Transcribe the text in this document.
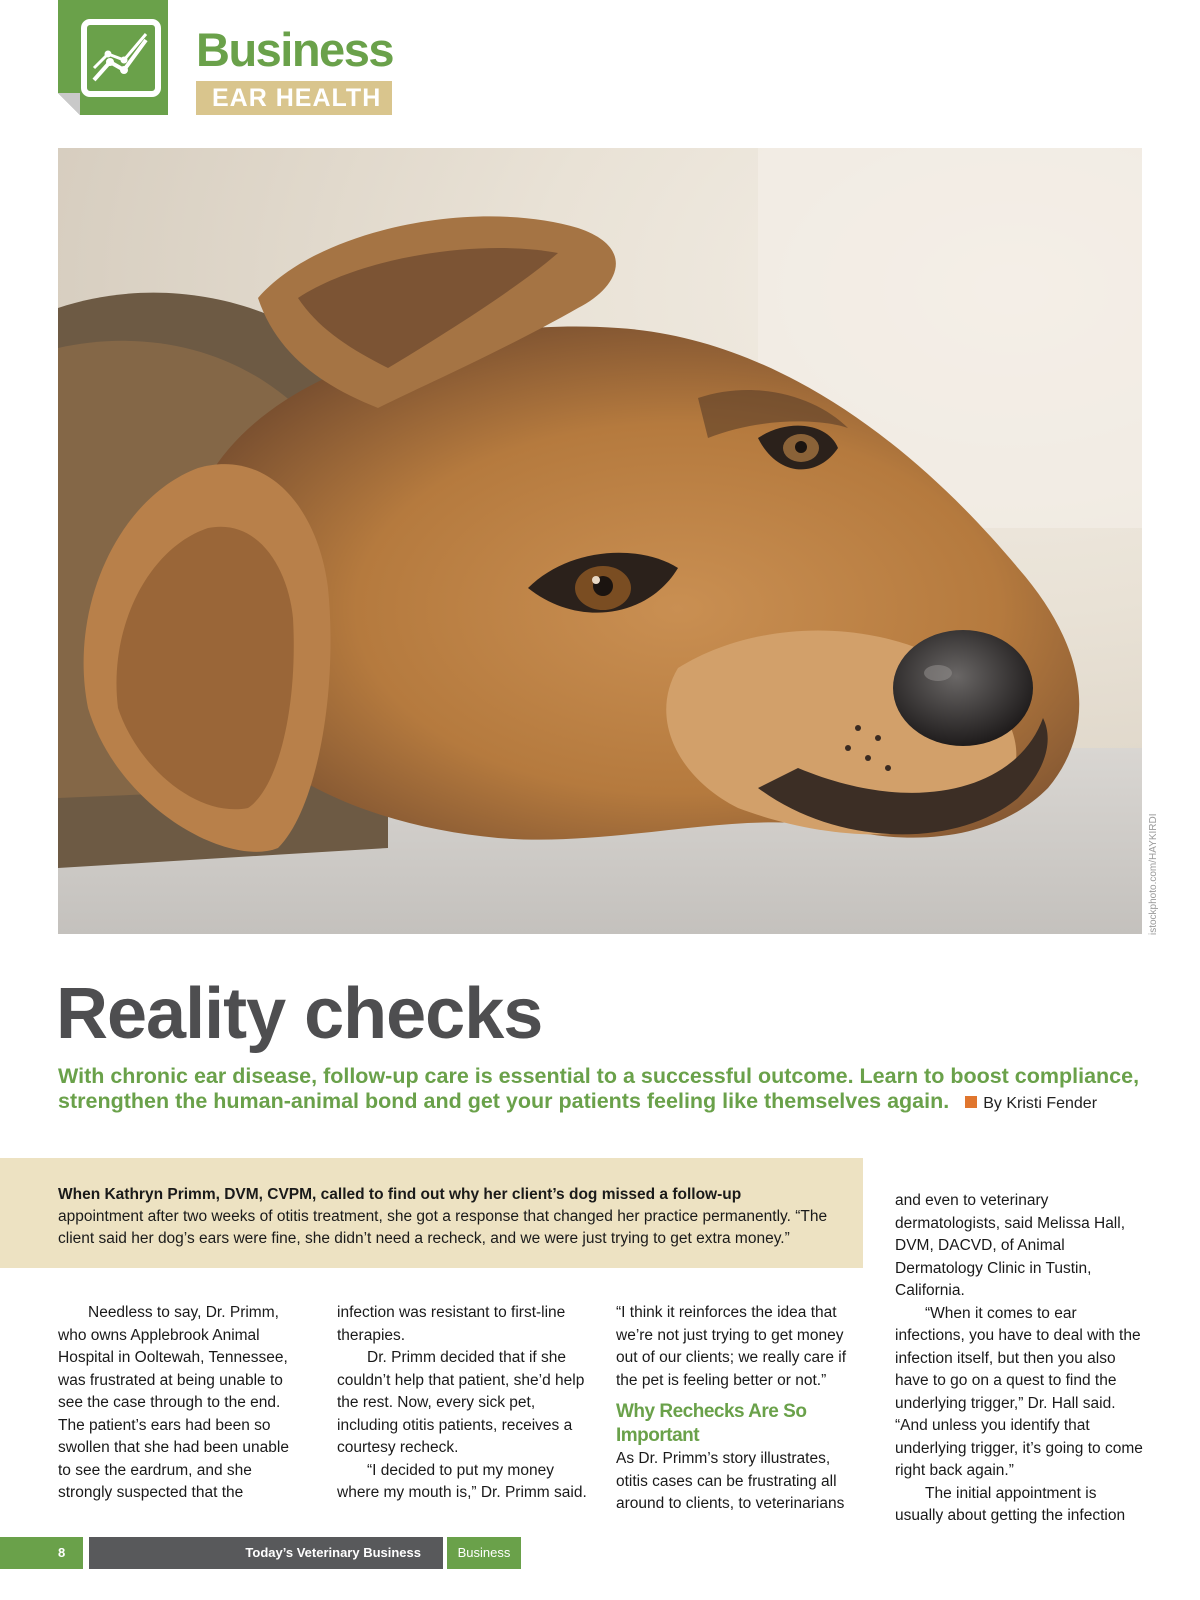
Business
EAR HEALTH
istockphoto.com/HAYKIRDI
Reality checks

With chronic ear disease, follow-up care is essential to a successful outcome. Learn to boost compliance, strengthen the human-animal bond and get your patients feeling like themselves again. By Kristi Fender

When Kathryn Primm, DVM, CVPM, called to find out why her client’s dog missed a follow-up
appointment after two weeks of otitis treatment, she got a response that changed her practice permanently. “The client said her dog’s ears were fine, she didn’t need a recheck, and we were just trying to get extra money.”

Needless to say, Dr. Primm, who owns Applebrook Animal Hospital in Ooltewah, Tennessee, was frustrated at being unable to see the case through to the end. The patient’s ears had been so swollen that she had been unable to see the eardrum, and she strongly suspected that the

infection was resistant to first-line therapies.

Dr. Primm decided that if she couldn’t help that patient, she’d help the rest. Now, every sick pet, including otitis patients, receives a courtesy recheck.

“I decided to put my money where my mouth is,” Dr. Primm said.

“I think it reinforces the idea that we’re not just trying to get money out of our clients; we really care if the pet is feeling better or not.”

Why Rechecks Are So Important

As Dr. Primm’s story illustrates, otitis cases can be frustrating all around to clients, to veterinarians

and even to veterinary dermatologists, said Melissa Hall, DVM, DACVD, of Animal Dermatology Clinic in Tustin, California.

“When it comes to ear infections, you have to deal with the infection itself, but then you also have to go on a quest to find the underlying trigger,” Dr. Hall said. “And unless you identify that underlying trigger, it’s going to come right back again.”

The initial appointment is usually about getting the infection

8	Today’s Veterinary Business	Business
